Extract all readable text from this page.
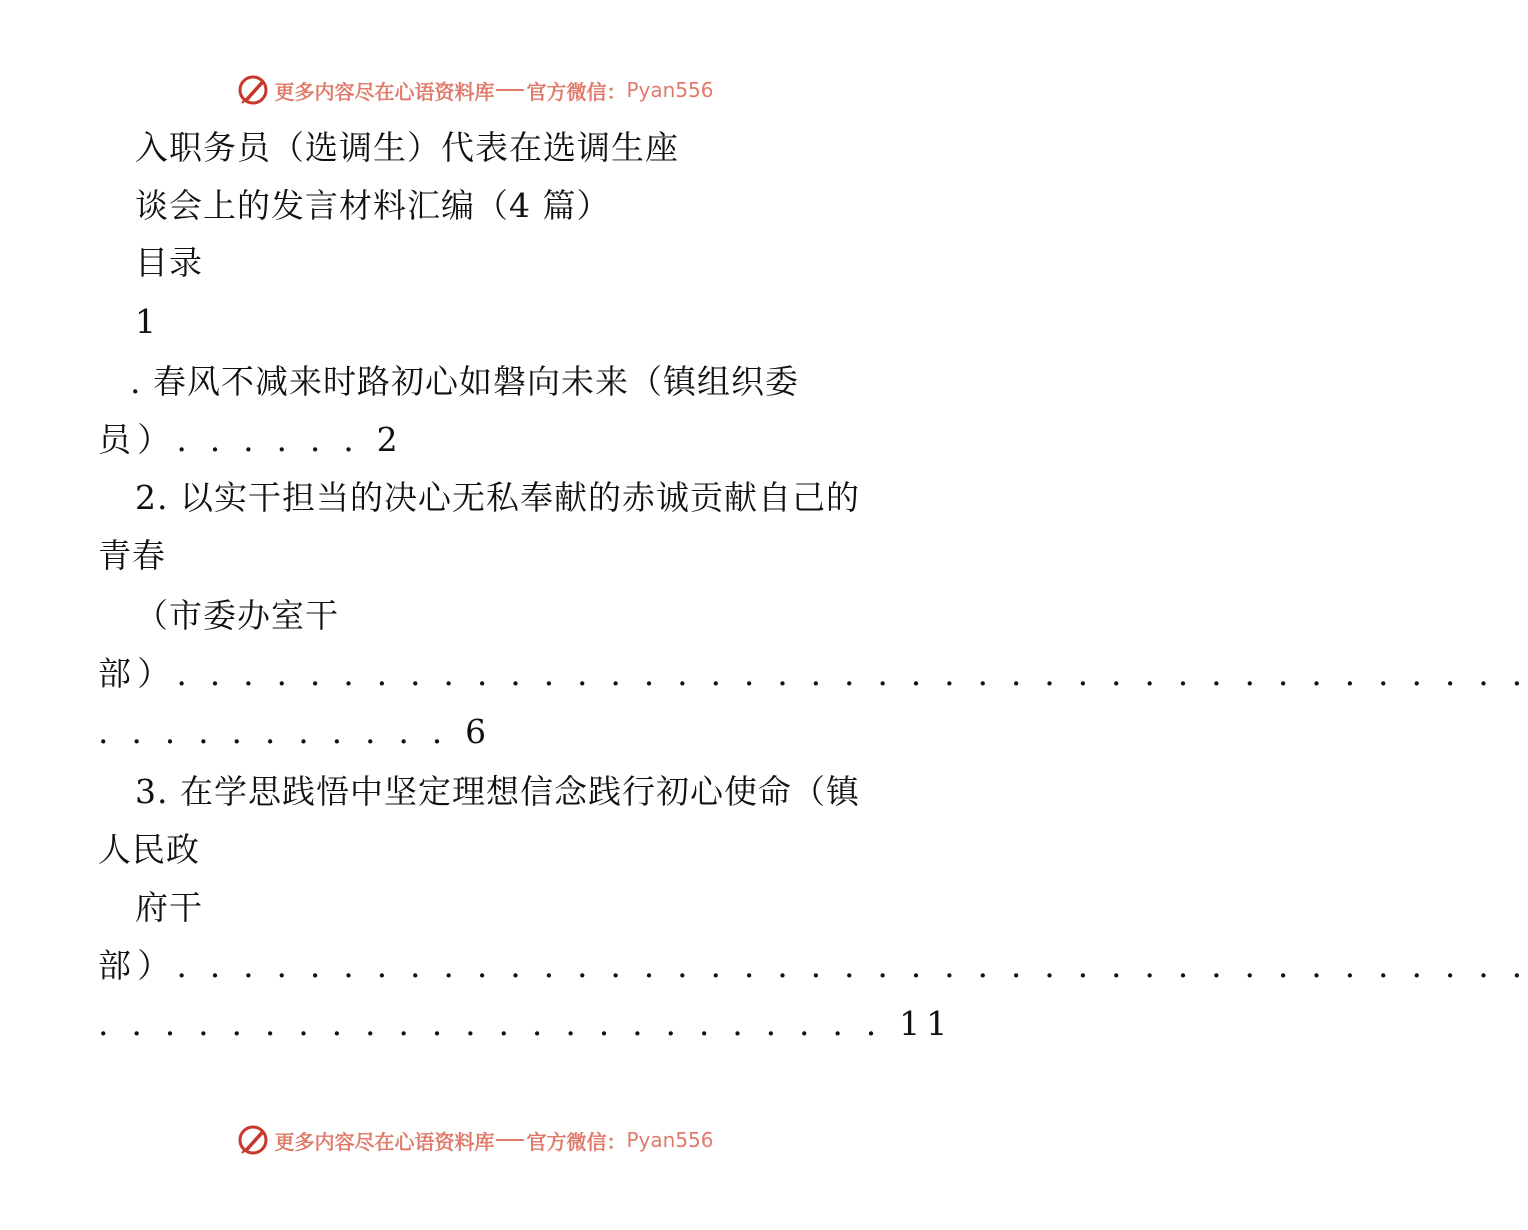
更多内容尽在心语资料库 官方微信： Pyan556
入职务员（选调生）代表在选调生座
谈会上的发言材料汇编（4 篇）
目录
1
. 春风不减来时路初心如磐向未来（镇组织委
员）. . . . . . 2
2. 以实干担当的决心无私奉献的赤诚贡献自己的
青春
（市委办室干
部）. . . . . . . . . . . . . . . . . . . . . . . . . . . . . . . . . . . . . . . . .
. . . . . . . . . . . 6
3. 在学思践悟中坚定理想信念践行初心使命（镇
人民政
府干
部）. . . . . . . . . . . . . . . . . . . . . . . . . . . . . . . . . . . . . . . . .
. . . . . . . . . . . . . . . . . . . . . . . . 11
更多内容尽在心语资料库 官方微信： Pyan556
